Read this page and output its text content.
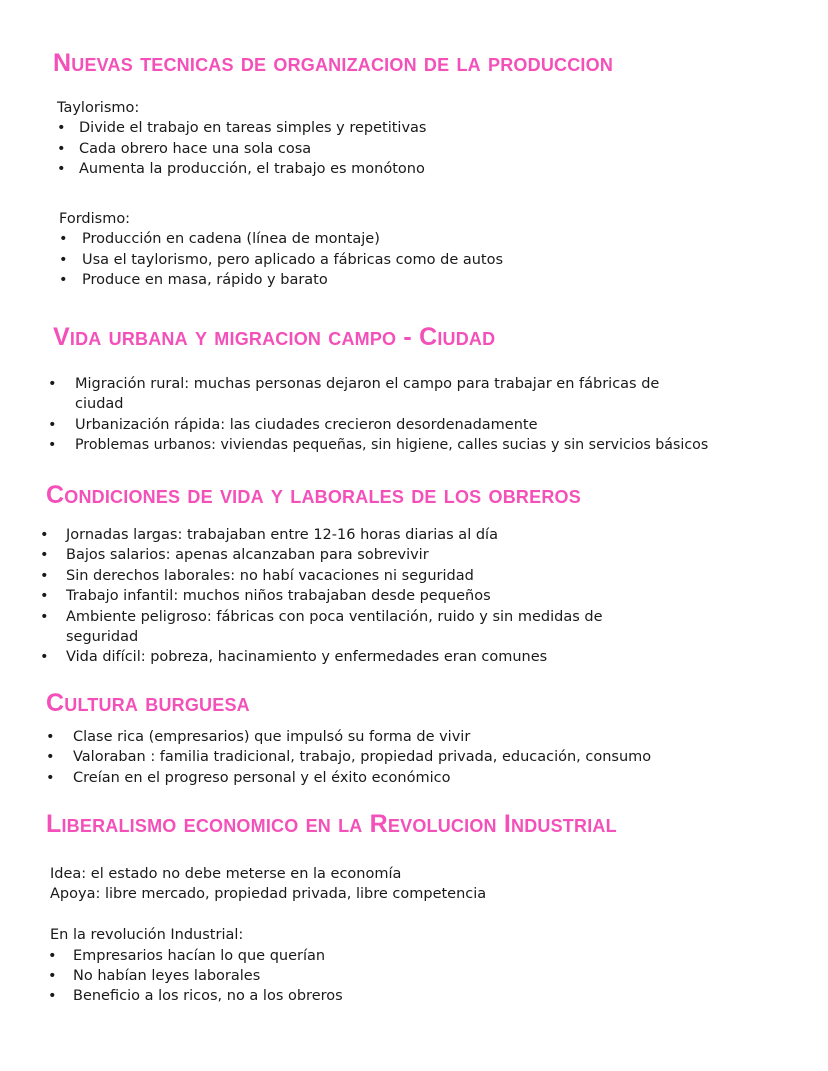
Nuevas tecnicas de organizacion de la produccion
Taylorismo:
• Divide el trabajo en tareas simples y repetitivas
• Cada obrero hace una sola cosa
• Aumenta la producción, el trabajo es monótono
Fordismo:
• Producción en cadena (línea de montaje)
• Usa el taylorismo, pero aplicado a fábricas como de autos
• Produce en masa, rápido y barato
Vida urbana y migracion campo - Ciudad
• Migración rural: muchas personas dejaron el campo para trabajar en fábricas de ciudad
• Urbanización rápida: las ciudades crecieron desordenadamente
• Problemas urbanos: viviendas pequeñas, sin higiene, calles sucias y sin servicios básicos
Condiciones de vida y laborales de los obreros
• Jornadas largas: trabajaban entre 12-16 horas diarias al día
• Bajos salarios: apenas alcanzaban para sobrevivir
• Sin derechos laborales: no habí vacaciones ni seguridad
• Trabajo infantil: muchos niños trabajaban desde pequeños
• Ambiente peligroso: fábricas con poca ventilación, ruido y sin medidas de seguridad
• Vida difícil: pobreza, hacinamiento y enfermedades eran comunes
Cultura burguesa
• Clase rica (empresarios) que impulsó su forma de vivir
• Valoraban : familia tradicional, trabajo, propiedad privada, educación, consumo
• Creían en el progreso personal y el éxito económico
Liberalismo economico en la Revolucion Industrial
Idea: el estado no debe meterse en la economía
Apoya: libre mercado, propiedad privada, libre competencia
En la revolución Industrial:
• Empresarios hacían lo que querían
• No habían leyes laborales
• Beneficio a los ricos, no a los obreros
